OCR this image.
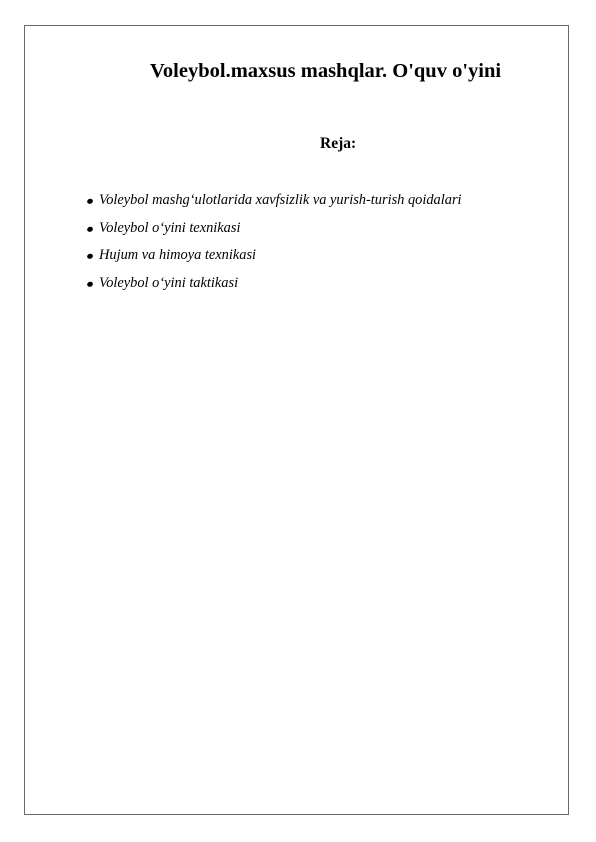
Voleybol.maxsus mashqlar. O'quv o'yini
Reja:
Voleybol mashg‘ulotlarida xavfsizlik va yurish-turish qoidalari
Voleybol o‘yini texnikasi
Hujum va himoya texnikasi
Voleybol o‘yini taktikasi
